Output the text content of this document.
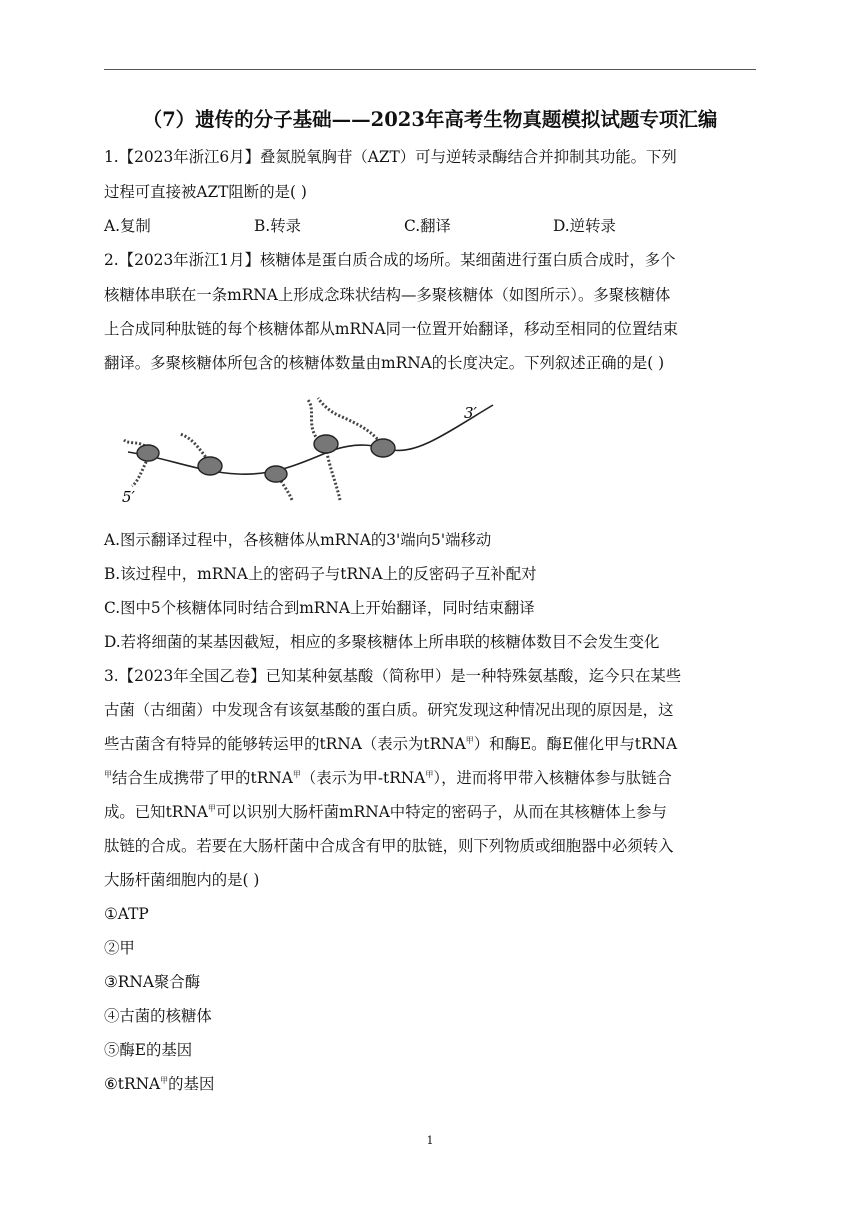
（7）遗传的分子基础——2023年高考生物真题模拟试题专项汇编
1.【2023年浙江6月】叠氮脱氧胸苷（AZT）可与逆转录酶结合并抑制其功能。下列
过程可直接被AZT阻断的是( )
A.复制	B.转录	C.翻译	D.逆转录
2.【2023年浙江1月】核糖体是蛋白质合成的场所。某细菌进行蛋白质合成时，多个
核糖体串联在一条mRNA上形成念珠状结构—多聚核糖体（如图所示）。多聚核糖体
上合成同种肽链的每个核糖体都从mRNA同一位置开始翻译，移动至相同的位置结束
翻译。多聚核糖体所包含的核糖体数量由mRNA的长度决定。下列叙述正确的是( )
3′
5′
A.图示翻译过程中，各核糖体从mRNA的3'端向5'端移动
B.该过程中，mRNA上的密码子与tRNA上的反密码子互补配对
C.图中5个核糖体同时结合到mRNA上开始翻译，同时结束翻译
D.若将细菌的某基因截短，相应的多聚核糖体上所串联的核糖体数目不会发生变化
3.【2023年全国乙卷】已知某种氨基酸（简称甲）是一种特殊氨基酸，迄今只在某些
古菌（古细菌）中发现含有该氨基酸的蛋白质。研究发现这种情况出现的原因是，这
些古菌含有特异的能够转运甲的tRNA（表示为tRNA$^甲$）和酶E。酶E催化甲与tRNA
$^甲$结合生成携带了甲的tRNA$^甲$（表示为甲-tRNA$^甲$），进而将甲带入核糖体参与肽链合
成。已知tRNA$^甲$可以识别大肠杆菌mRNA中特定的密码子，从而在其核糖体上参与
肽链的合成。若要在大肠杆菌中合成含有甲的肽链，则下列物质或细胞器中必须转入
大肠杆菌细胞内的是( )
①ATP
②甲
③RNA聚合酶
④古菌的核糖体
⑤酶E的基因
⑥tRNA$^甲$的基因
1
